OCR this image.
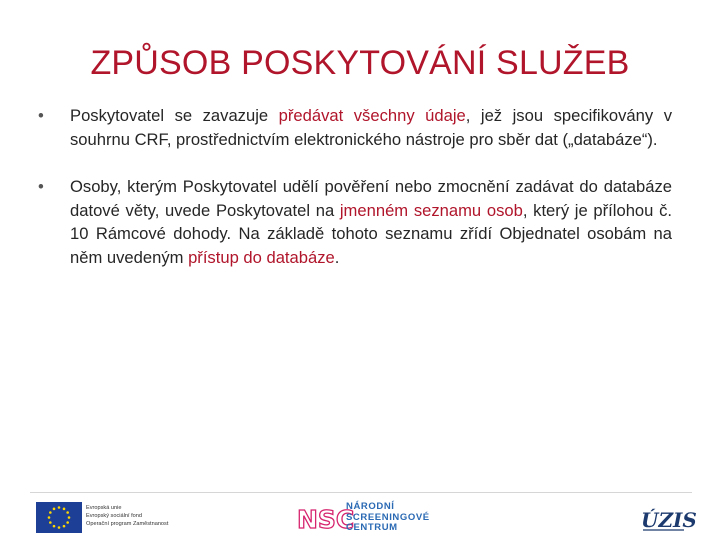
ZPŮSOB POSKYTOVÁNÍ SLUŽEB
• Poskytovatel se zavazuje předávat všechny údaje, jež jsou specifikovány v souhrnu CRF, prostřednictvím elektronického nástroje pro sběr dat („databáze“).
• Osoby, kterým Poskytovatel udělí pověření nebo zmocnění zadávat do databáze datové věty, uvede Poskytovatel na jmenném seznamu osob, který je přílohou č. 10 Rámcové dohody. Na základě tohoto seznamu zřídí Objednatel osobám na něm uvedeným přístup do databáze.
Evropská unie
Evropský sociální fond
Operační program Zaměstnanost	NSC
NÁRODNÍ
SCREENINGOVÉ
CENTRUM	ÚZIS
